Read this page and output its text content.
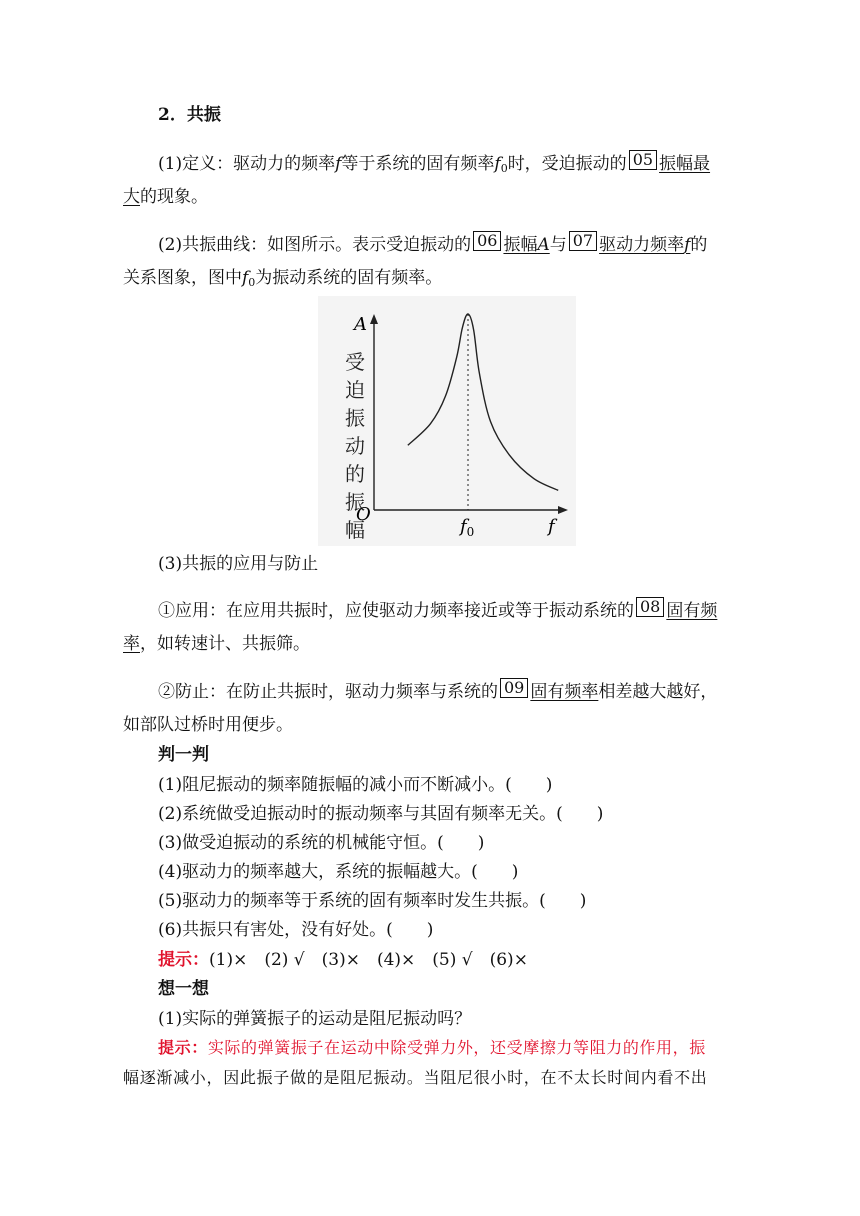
2．共振
(1)定义：驱动力的频率f等于系统的固有频率$f_0$时，受迫振动的 05 振幅最
大的现象。
(2)共振曲线：如图所示。表示受迫振动的 06 振幅A与 07 驱动力频率f的
关系图象，图中$f_0$为振动系统的固有频率。
受迫振动的振幅
A
O
$f_0$	f
(3)共振的应用与防止
①应用：在应用共振时，应使驱动力频率接近或等于振动系统的 08 固有频
率，如转速计、共振筛。
②防止：在防止共振时，驱动力频率与系统的 09 固有频率相差越大越好，
如部队过桥时用便步。
判一判
(1)阻尼振动的频率随振幅的减小而不断减小。(　　)
(2)系统做受迫振动时的振动频率与其固有频率无关。(　　)
(3)做受迫振动的系统的机械能守恒。(　　)
(4)驱动力的频率越大，系统的振幅越大。(　　)
(5)驱动力的频率等于系统的固有频率时发生共振。(　　)
(6)共振只有害处，没有好处。(　　)
提示：(1)×　(2) √　(3)×　(4)×　(5) √　(6)×
想一想
(1)实际的弹簧振子的运动是阻尼振动吗？
提示：实际的弹簧振子在运动中除受弹力外，还受摩擦力等阻力的作用，振
幅逐渐减小，因此振子做的是阻尼振动。当阻尼很小时，在不太长时间内看不出
